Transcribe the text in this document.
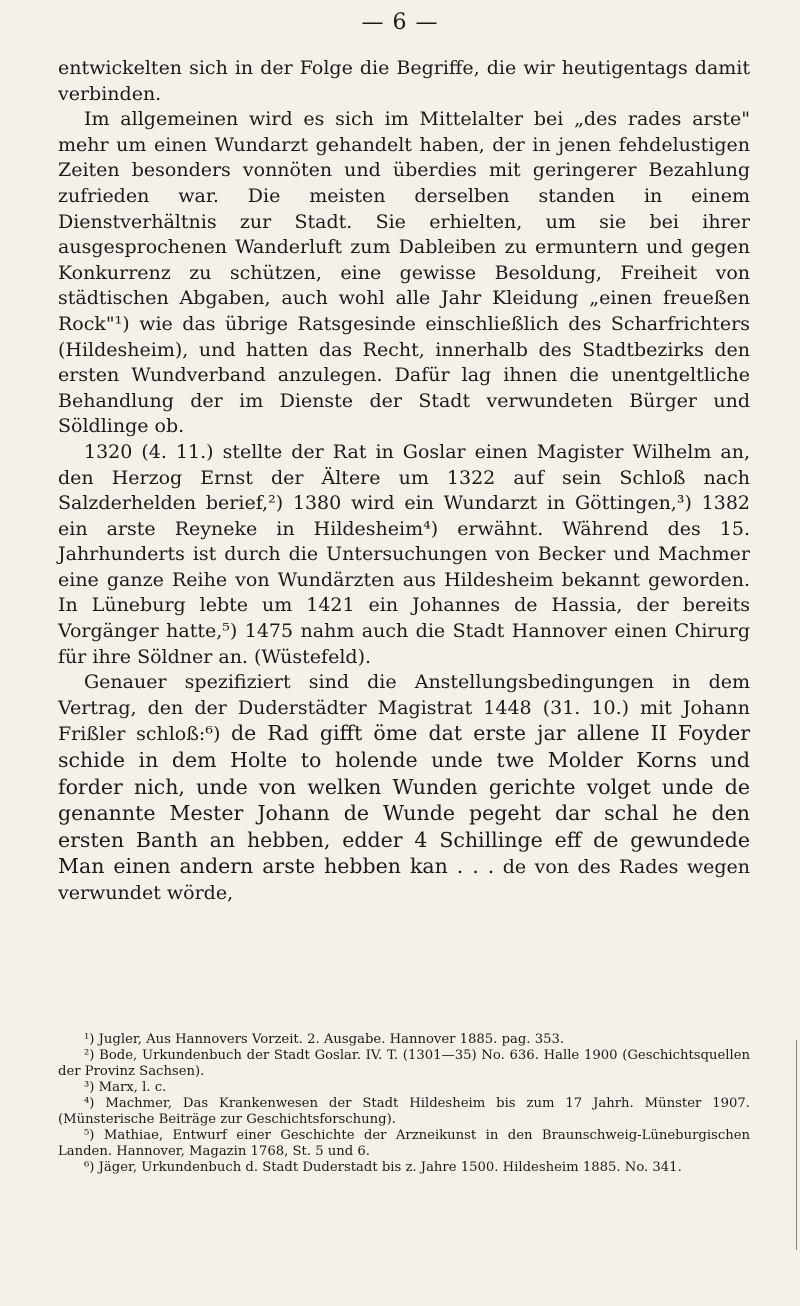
— 6 —

entwickelten sich in der Folge die Begriffe, die wir heutigentags damit verbinden.

Im allgemeinen wird es sich im Mittelalter bei „des rades arste" mehr um einen Wundarzt gehandelt haben, der in jenen fehdelustigen Zeiten besonders vonnöten und überdies mit geringerer Bezahlung zufrieden war. Die meisten derselben standen in einem Dienstverhältnis zur Stadt. Sie erhielten, um sie bei ihrer ausgesprochenen Wanderluft zum Dableiben zu ermuntern und gegen Konkurrenz zu schützen, eine gewisse Besoldung, Freiheit von städtischen Abgaben, auch wohl alle Jahr Kleidung „einen freueßen Rock"¹) wie das übrige Ratsgesinde einschließlich des Scharfrichters (Hildesheim), und hatten das Recht, innerhalb des Stadtbezirks den ersten Wundverband anzulegen. Dafür lag ihnen die unentgeltliche Behandlung der im Dienste der Stadt verwundeten Bürger und Söldlinge ob.

1320 (4. 11.) stellte der Rat in Goslar einen Magister Wilhelm an, den Herzog Ernst der Ältere um 1322 auf sein Schloß nach Salzderhelden berief,²) 1380 wird ein Wundarzt in Göttingen,³) 1382 ein arste Reyneke in Hildesheim⁴) erwähnt. Während des 15. Jahrhunderts ist durch die Untersuchungen von Becker und Machmer eine ganze Reihe von Wundärzten aus Hildesheim bekannt geworden. In Lüneburg lebte um 1421 ein Johannes de Hassia, der bereits Vorgänger hatte,⁵) 1475 nahm auch die Stadt Hannover einen Chirurg für ihre Söldner an. (Wüstefeld).

Genauer spezifiziert sind die Anstellungsbedingungen in dem Vertrag, den der Duderstädter Magistrat 1448 (31. 10.) mit Johann Frißler schloß:⁶) de Rad gifft öme dat erste jar allene II Foyder schide in dem Holte to holende unde twe Molder Korns und forder nich, unde von welken Wunden gerichte volget unde de genannte Mester Johann de Wunde pegeht dar schal he den ersten Banth an hebben, edder 4 Schillinge eff de gewundede Man einen andern arste hebben kan . . . de von des Rades wegen verwundet wörde,

¹) Jugler, Aus Hannovers Vorzeit. 2. Ausgabe. Hannover 1885. pag. 353.

²) Bode, Urkundenbuch der Stadt Goslar. IV. T. (1301—35) No. 636. Halle 1900 (Geschichtsquellen der Provinz Sachsen).

³) Marx, l. c.

⁴) Machmer, Das Krankenwesen der Stadt Hildesheim bis zum 17 Jahrh. Münster 1907. (Münsterische Beiträge zur Geschichtsforschung).

⁵) Mathiae, Entwurf einer Geschichte der Arzneikunst in den Braunschweig-Lüneburgischen Landen. Hannover, Magazin 1768, St. 5 und 6.

⁶) Jäger, Urkundenbuch d. Stadt Duderstadt bis z. Jahre 1500. Hildesheim 1885. No. 341.
